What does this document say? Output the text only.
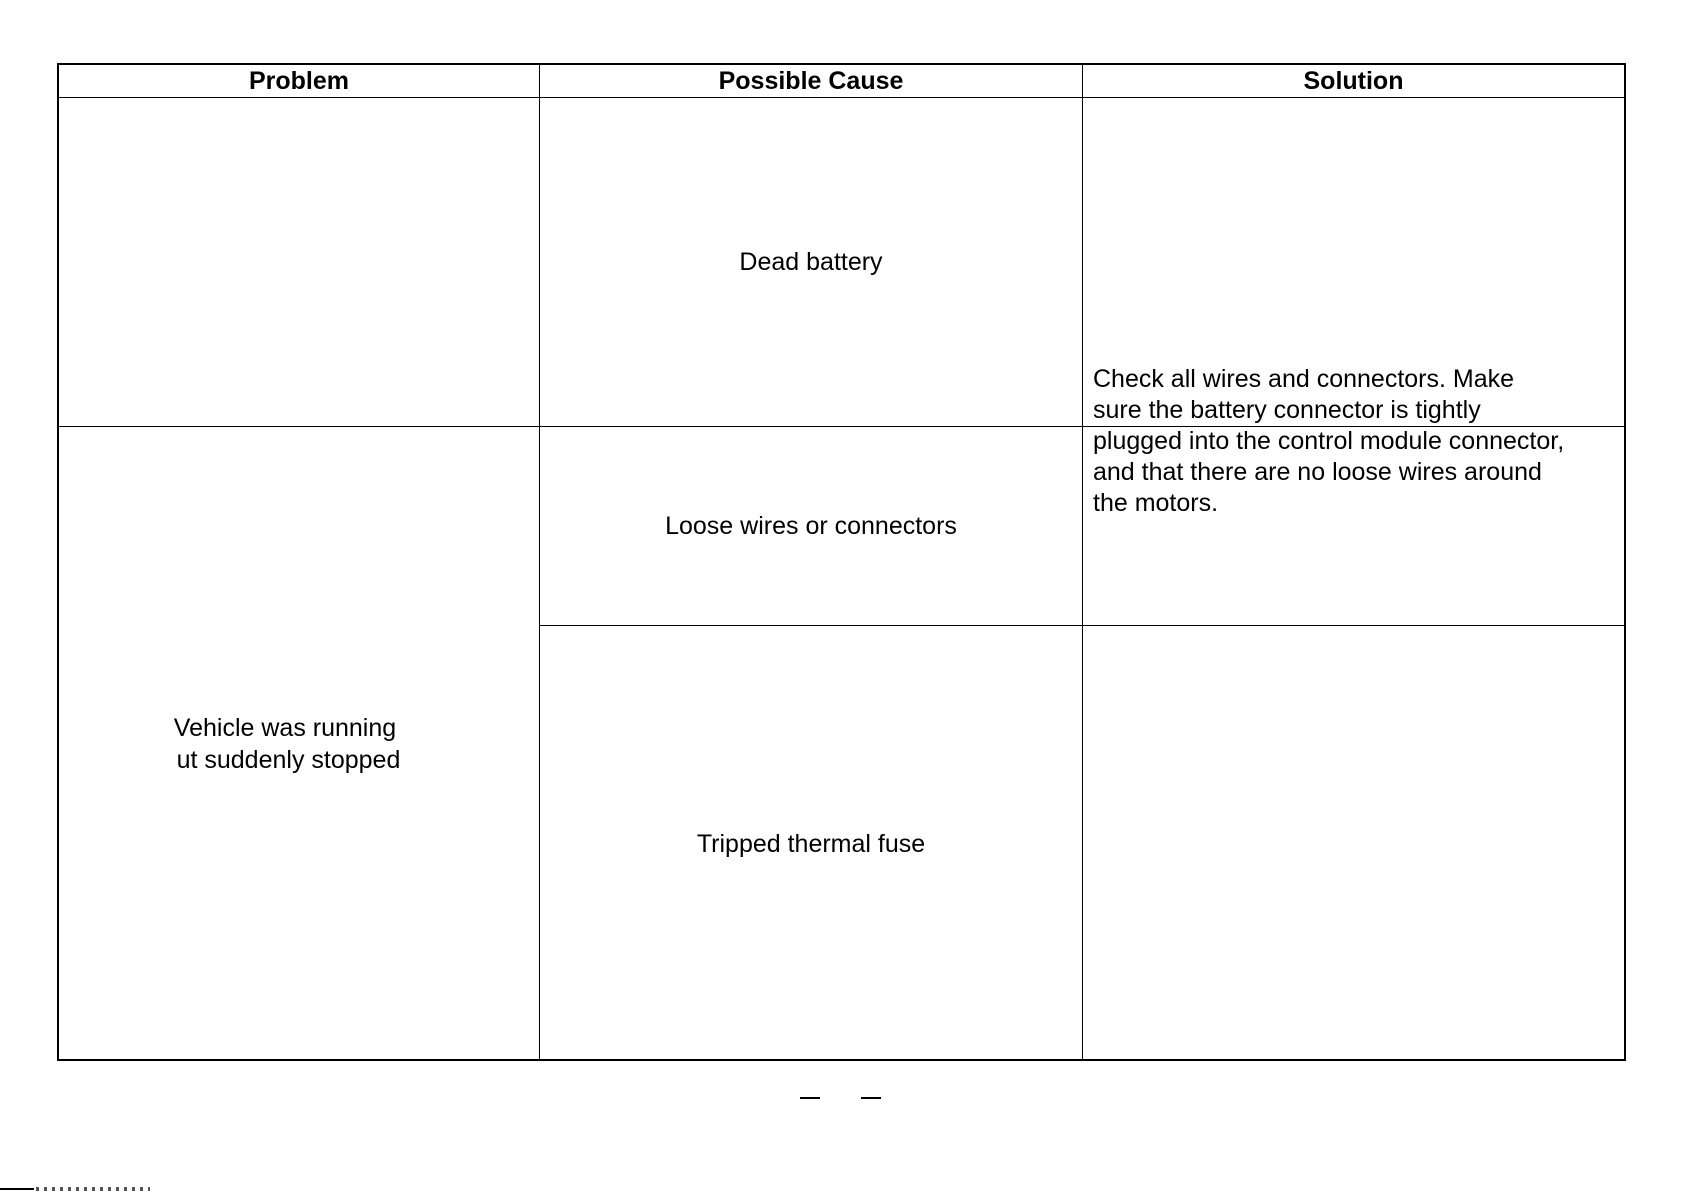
Problem	Possible Cause	Solution
Dead battery
Vehicle was running
ut suddenly stopped
Loose wires or connectors
Tripped thermal fuse
Check all wires and connectors. Make sure the battery connector is tightly plugged into the control module connector, and that there are no loose wires around the motors.
